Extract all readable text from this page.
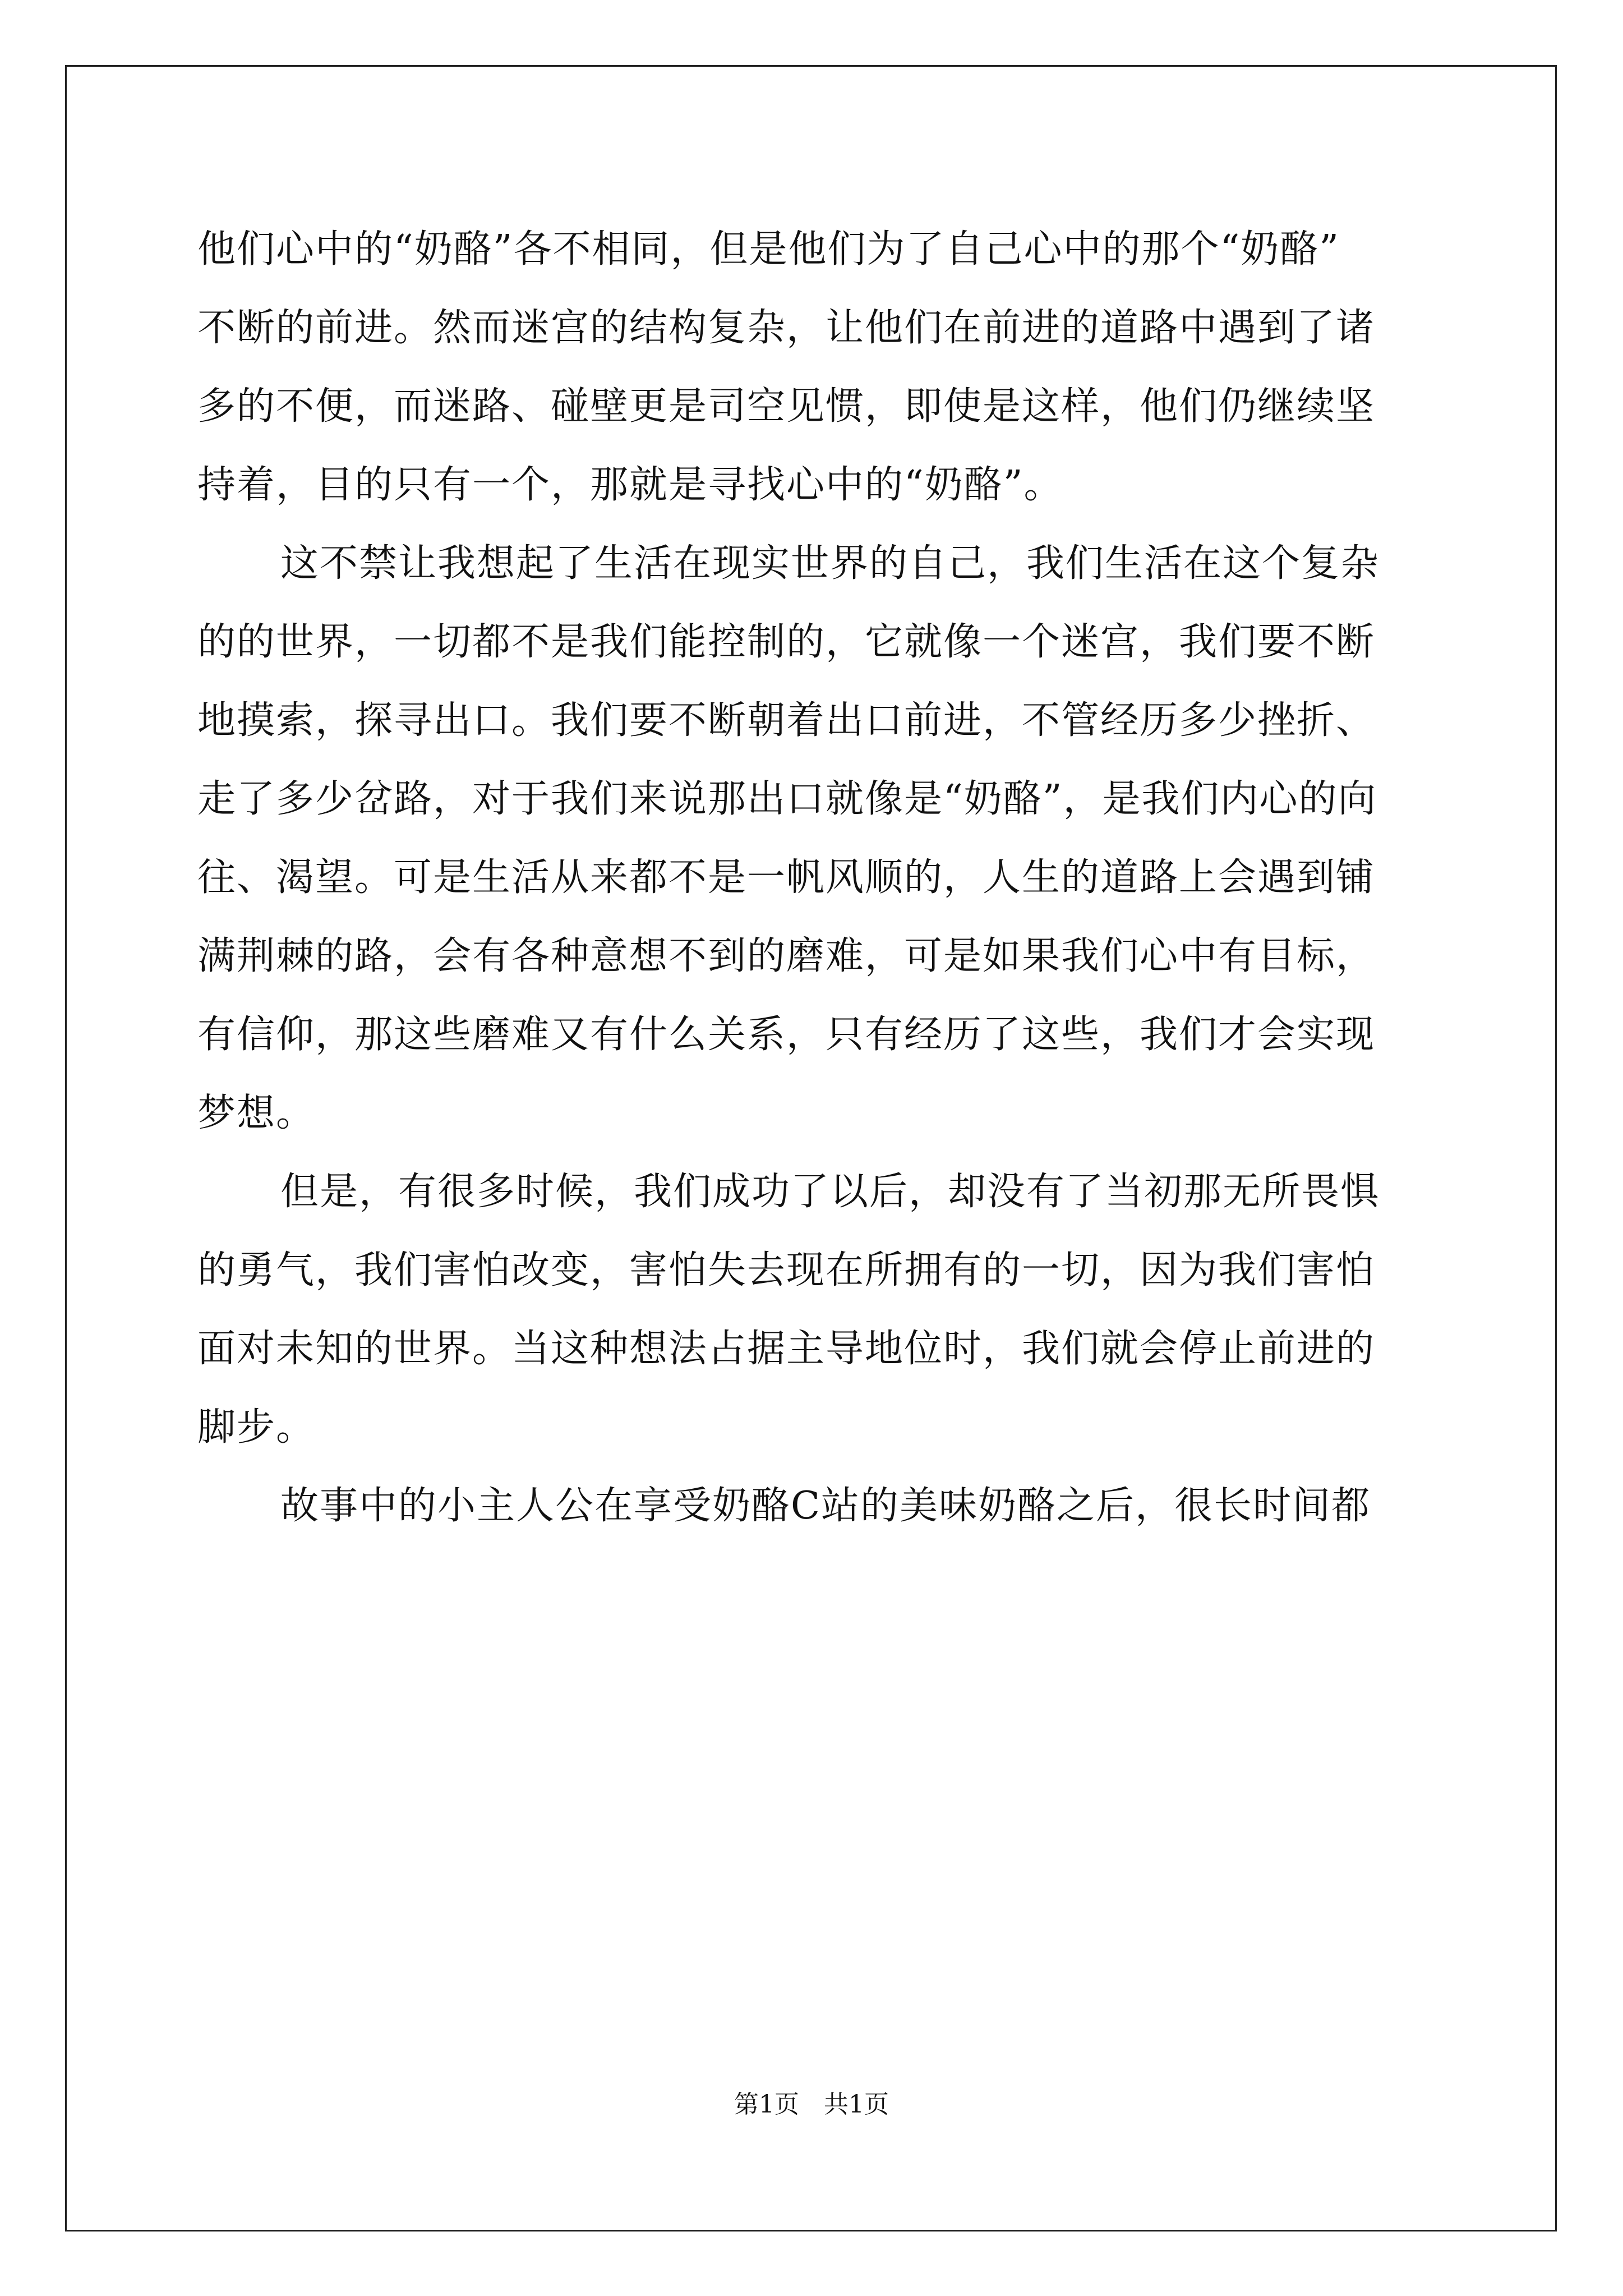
他们心中的“奶酪”各不相同，但是他们为了自己心中的那个“奶酪”
不断的前进。然而迷宫的结构复杂，让他们在前进的道路中遇到了诸
多的不便，而迷路、碰壁更是司空见惯，即使是这样，他们仍继续坚
持着，目的只有一个，那就是寻找心中的“奶酪”。
这不禁让我想起了生活在现实世界的自己，我们生活在这个复杂
的的世界，一切都不是我们能控制的，它就像一个迷宫，我们要不断
地摸索，探寻出口。我们要不断朝着出口前进，不管经历多少挫折、
走了多少岔路，对于我们来说那出口就像是“奶酪”，是我们内心的向
往、渴望。可是生活从来都不是一帆风顺的，人生的道路上会遇到铺
满荆棘的路，会有各种意想不到的磨难，可是如果我们心中有目标，
有信仰，那这些磨难又有什么关系，只有经历了这些，我们才会实现
梦想。
但是，有很多时候，我们成功了以后，却没有了当初那无所畏惧
的勇气，我们害怕改变，害怕失去现在所拥有的一切，因为我们害怕
面对未知的世界。当这种想法占据主导地位时，我们就会停止前进的
脚步。
故事中的小主人公在享受奶酪C站的美味奶酪之后，很长时间都
第1页 共1页
